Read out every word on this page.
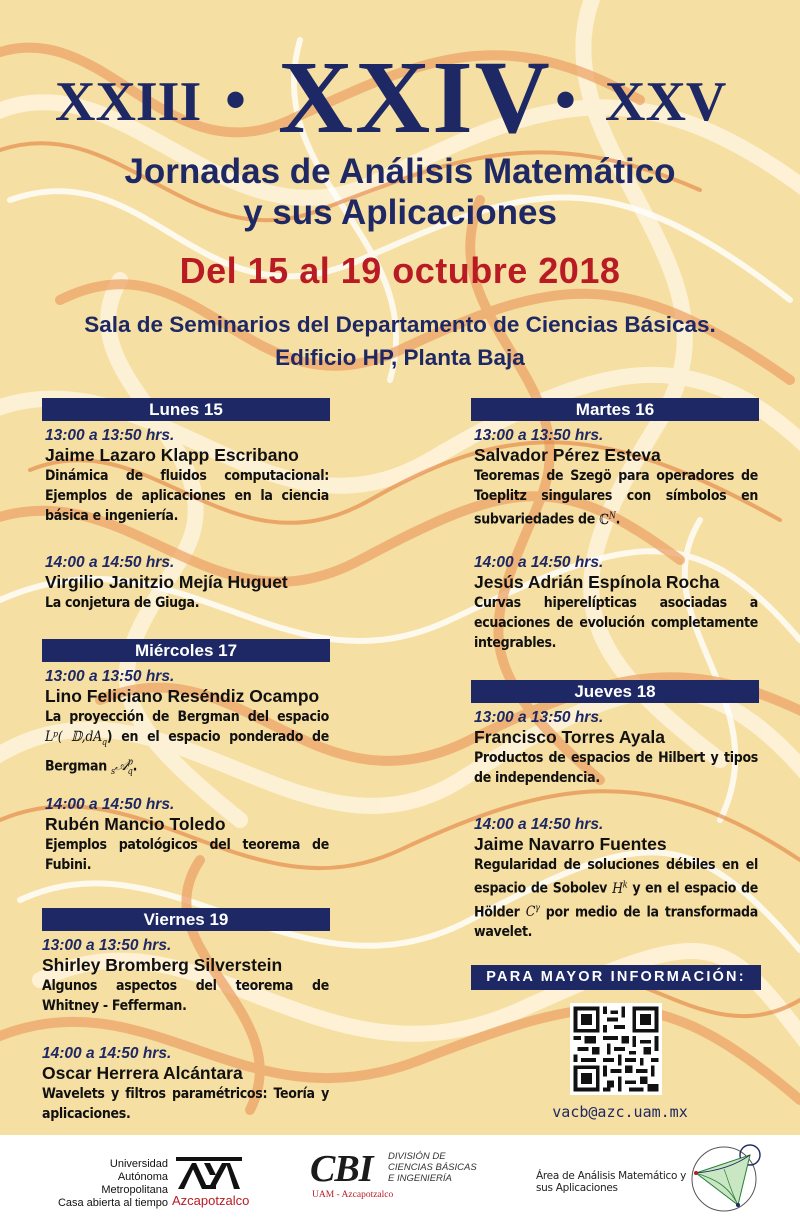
XXIII • XXIV • XXV
Jornadas de Análisis Matemático
y sus Aplicaciones
Del 15 al 19 octubre 2018
Sala de Seminarios del Departamento de Ciencias Básicas.
Edificio HP, Planta Baja
Lunes 15
13:00 a 13:50 hrs.
Jaime Lazaro Klapp Escribano
Dinámica de fluidos computacional: Ejemplos de aplicaciones en la ciencia básica e ingeniería.
14:00 a 14:50 hrs.
Virgilio Janitzio Mejía Huguet
La conjetura de Giuga.
Miércoles 17
13:00 a 13:50 hrs.
Lino Feliciano Reséndiz Ocampo
La proyección de Bergman del espacio Lᵖ( $𝔻,dA_q$) en el espacio ponderado de Bergman $_s$𝒜$^p_q$.
14:00 a 14:50 hrs.
Rubén Mancio Toledo
Ejemplos patológicos del teorema de Fubini.
Viernes 19
13:00 a 13:50 hrs.
Shirley Bromberg Silverstein
Algunos aspectos del teorema de Whitney - Fefferman.
14:00 a 14:50 hrs.
Oscar Herrera Alcántara
Wavelets y filtros paramétricos: Teoría y aplicaciones.
Martes 16
13:00 a 13:50 hrs.
Salvador Pérez Esteva
Teoremas de Szegö para operadores de Toeplitz singulares con símbolos en subvariedades de ℂ$^N$.
14:00 a 14:50 hrs.
Jesús Adrián Espínola Rocha
Curvas hiperelípticas asociadas a ecuaciones de evolución completamente integrables.
Jueves 18
13:00 a 13:50 hrs.
Francisco Torres Ayala
Productos de espacios de Hilbert y tipos de independencia.
14:00 a 14:50 hrs.
Jaime Navarro Fuentes
Regularidad de soluciones débiles en el espacio de Sobolev $H^k$ y en el espacio de Hölder $C^\gamma$ por medio de la transformada wavelet.
PARA MAYOR INFORMACIÓN:
vacb@azc.uam.mx
Universidad
Autónoma
Metropolitana
Casa abierta al tiempo Azcapotzalco
CBI DIVISIÓN DE
CIENCIAS BÁSICAS
E INGENIERÍA
UAM - Azcapotzalco
Área de Análisis Matemático y
sus Aplicaciones
